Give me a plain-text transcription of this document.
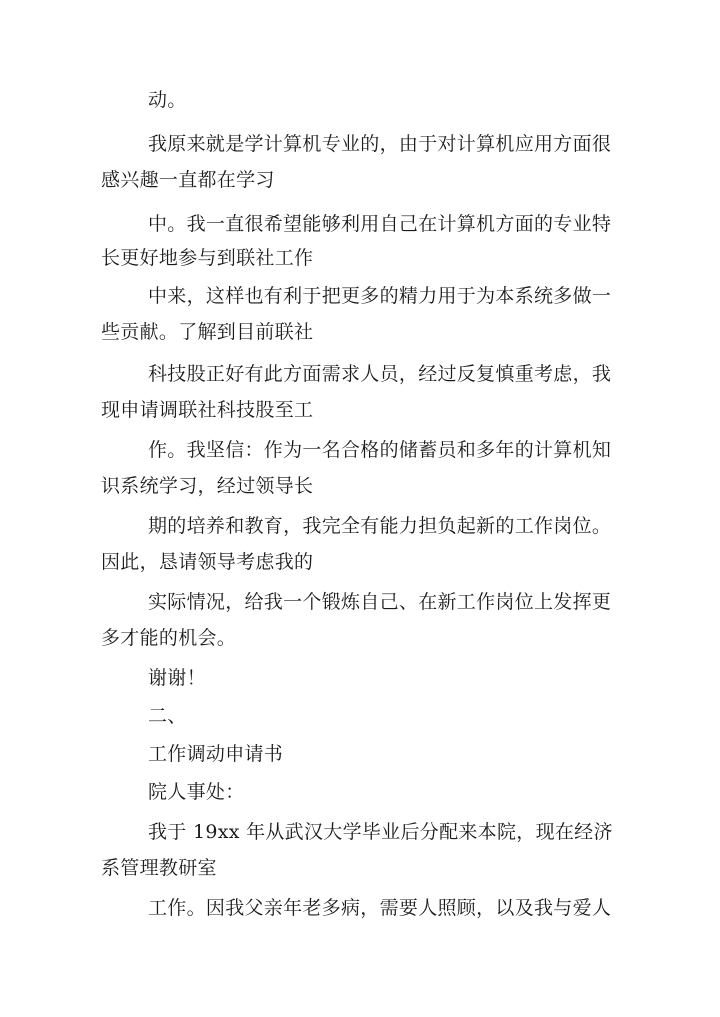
动。
我原来就是学计算机专业的，由于对计算机应用方面很
感兴趣一直都在学习
中。我一直很希望能够利用自己在计算机方面的专业特
长更好地参与到联社工作
中来，这样也有利于把更多的精力用于为本系统多做一
些贡献。了解到目前联社
科技股正好有此方面需求人员，经过反复慎重考虑，我
现申请调联社科技股至工
作。我坚信：作为一名合格的储蓄员和多年的计算机知
识系统学习，经过领导长
期的培养和教育，我完全有能力担负起新的工作岗位。
因此，恳请领导考虑我的
实际情况，给我一个锻炼自己、在新工作岗位上发挥更
多才能的机会。
谢谢！
二、
工作调动申请书
院人事处：
我于 19xx 年从武汉大学毕业后分配来本院，现在经济
系管理教研室
工作。因我父亲年老多病，需要人照顾，以及我与爱人
